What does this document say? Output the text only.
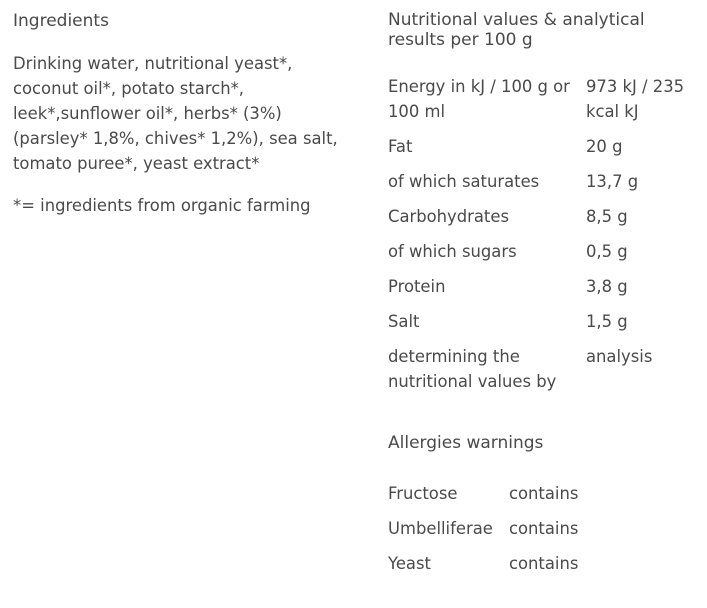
Ingredients

Drinking water, nutritional yeast*, coconut oil*, potato starch*, leek*,sunflower oil*, herbs* (3%) (parsley* 1,8%, chives* 1,2%), sea salt, tomato puree*, yeast extract*

*= ingredients from organic farming

Nutritional values & analytical results per 100 g
Energy in kJ / 100 g or 100 ml	973 kJ / 235 kcal kJ
Fat	20 g
of which saturates	13,7 g
Carbohydrates	8,5 g
of which sugars	0,5 g
Protein	3,8 g
Salt	1,5 g
determining the nutritional values by	analysis
Allergies warnings
Fructose	contains
Umbelliferae	contains
Yeast	contains
